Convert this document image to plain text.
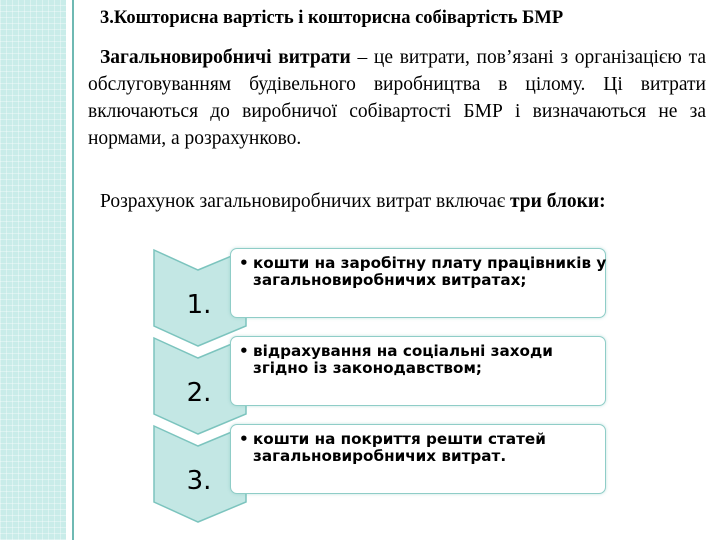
3.Кошторисна вартість і кошторисна собівартість БМР
Загальновиробничі витрати – це витрати, пов’язані з організацією та обслуговуванням будівельного виробництва в цілому. Ці витрати включаються до виробничої собівартості БМР і визначаються не за нормами, а розрахунково.
Розрахунок загальновиробничих витрат включає три блоки:
1.
• кошти на заробітну плату працівників у загальновиробничих витратах;
2.
• відрахування на соціальні заходи згідно із законодавством;
3.
• кошти на покриття решти статей загальновиробничих витрат.
